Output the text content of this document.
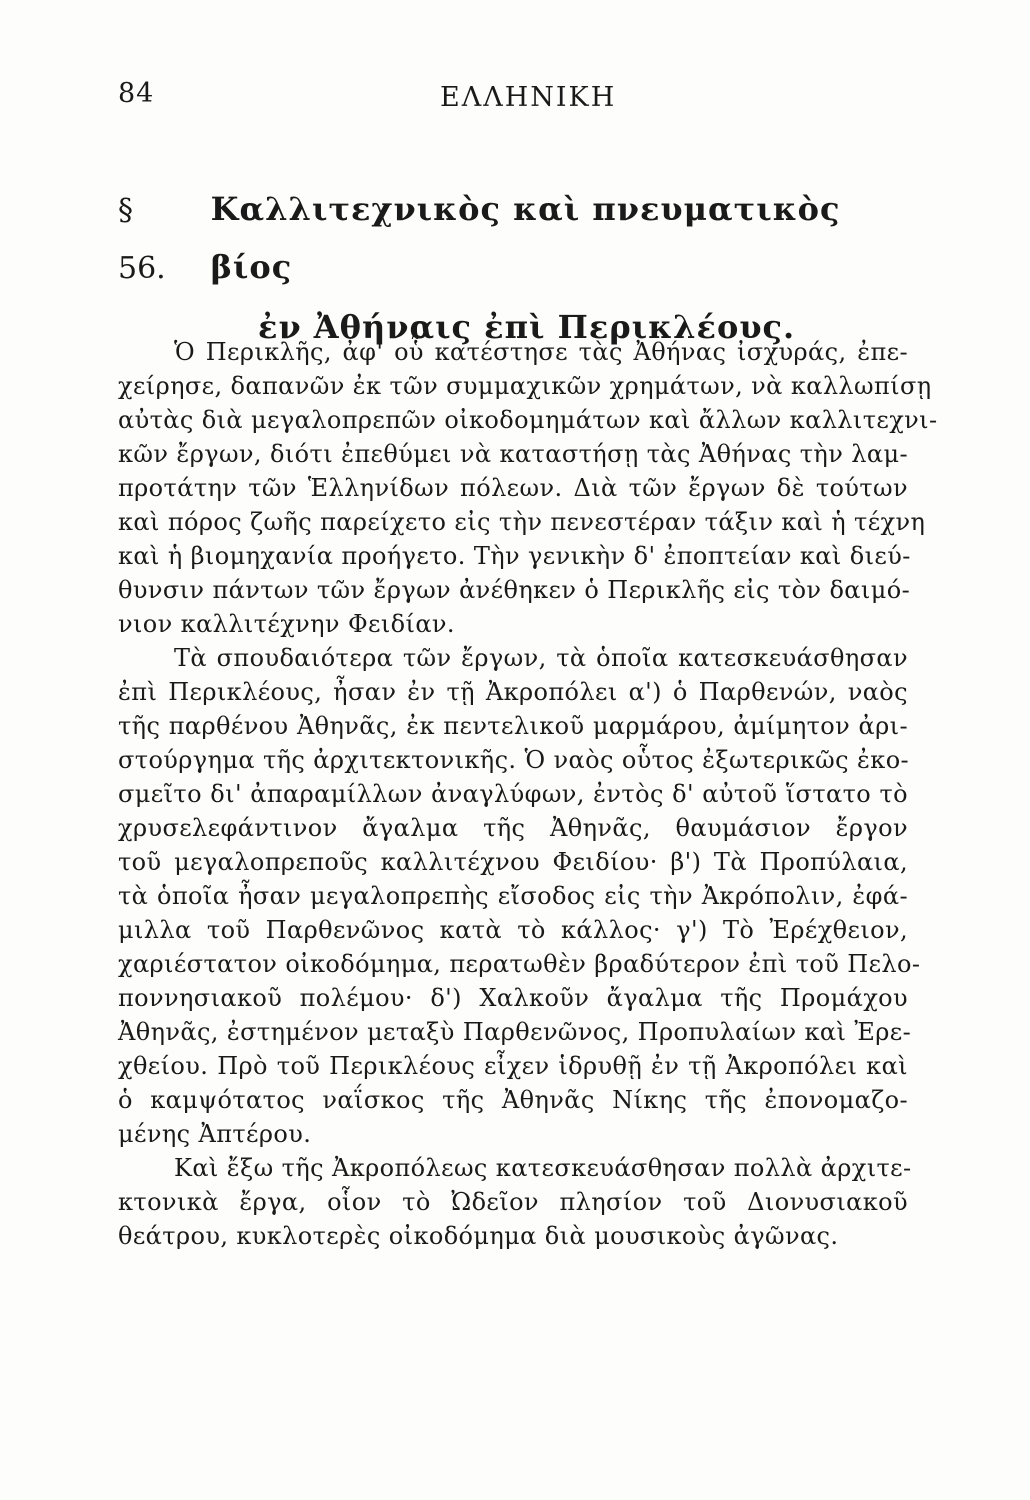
84	ΕΛΛΗΝΙΚΗ
§ 56.
Καλλιτεχνικὸς καὶ πνευματικὸς βίος
ἐν Ἀθήναις ἐπὶ Περικλέους.
Ὁ Περικλῆς, ἀφ' οὗ κατέστησε τὰς Ἀθήνας ἰσχυράς, ἐπε-
χείρησε, δαπανῶν ἐκ τῶν συμμαχικῶν χρημάτων, νὰ καλλωπίσῃ
αὐτὰς διὰ μεγαλοπρεπῶν οἰκοδομημάτων καὶ ἄλλων καλλιτεχνι-
κῶν ἔργων, διότι ἐπεθύμει νὰ καταστήσῃ τὰς Ἀθήνας τὴν λαμ-
προτάτην τῶν Ἑλληνίδων πόλεων. Διὰ τῶν ἔργων δὲ τούτων
καὶ πόρος ζωῆς παρείχετο εἰς τὴν πενεστέραν τάξιν καὶ ἡ τέχνη
καὶ ἡ βιομηχανία προήγετο. Τὴν γενικὴν δ' ἐποπτείαν καὶ διεύ-
θυνσιν πάντων τῶν ἔργων ἀνέθηκεν ὁ Περικλῆς εἰς τὸν δαιμό-
νιον καλλιτέχνην Φειδίαν.
Τὰ σπουδαιότερα τῶν ἔργων, τὰ ὁποῖα κατεσκευάσθησαν
ἐπὶ Περικλέους, ἦσαν ἐν τῇ Ἀκροπόλει α') ὁ Παρθενών, ναὸς
τῆς παρθένου Ἀθηνᾶς, ἐκ πεντελικοῦ μαρμάρου, ἀμίμητον ἀρι-
στούργημα τῆς ἀρχιτεκτονικῆς. Ὁ ναὸς οὗτος ἐξωτερικῶς ἐκο-
σμεῖτο δι' ἀπαραμίλλων ἀναγλύφων, ἐντὸς δ' αὐτοῦ ἵστατο τὸ
χρυσελεφάντινον ἄγαλμα τῆς Ἀθηνᾶς, θαυμάσιον ἔργον
τοῦ μεγαλοπρεποῦς καλλιτέχνου Φειδίου· β') Τὰ Προπύλαια,
τὰ ὁποῖα ἦσαν μεγαλοπρεπὴς εἴσοδος εἰς τὴν Ἀκρόπολιν, ἐφά-
μιλλα τοῦ Παρθενῶνος κατὰ τὸ κάλλος· γ') Τὸ Ἐρέχθειον,
χαριέστατον οἰκοδόμημα, περατωθὲν βραδύτερον ἐπὶ τοῦ Πελο-
ποννησιακοῦ πολέμου· δ') Χαλκοῦν ἄγαλμα τῆς Προμάχου
Ἀθηνᾶς, ἐστημένον μεταξὺ Παρθενῶνος, Προπυλαίων καὶ Ἐρε-
χθείου. Πρὸ τοῦ Περικλέους εἶχεν ἱδρυθῇ ἐν τῇ Ἀκροπόλει καὶ
ὁ καμψότατος ναΐσκος τῆς Ἀθηνᾶς Νίκης τῆς ἐπονομαζο-
μένης Ἀπτέρου.
Καὶ ἔξω τῆς Ἀκροπόλεως κατεσκευάσθησαν πολλὰ ἀρχιτε-
κτονικὰ ἔργα, οἷον τὸ Ὠδεῖον πλησίον τοῦ Διονυσιακοῦ
θεάτρου, κυκλοτερὲς οἰκοδόμημα διὰ μουσικοὺς ἀγῶνας.
